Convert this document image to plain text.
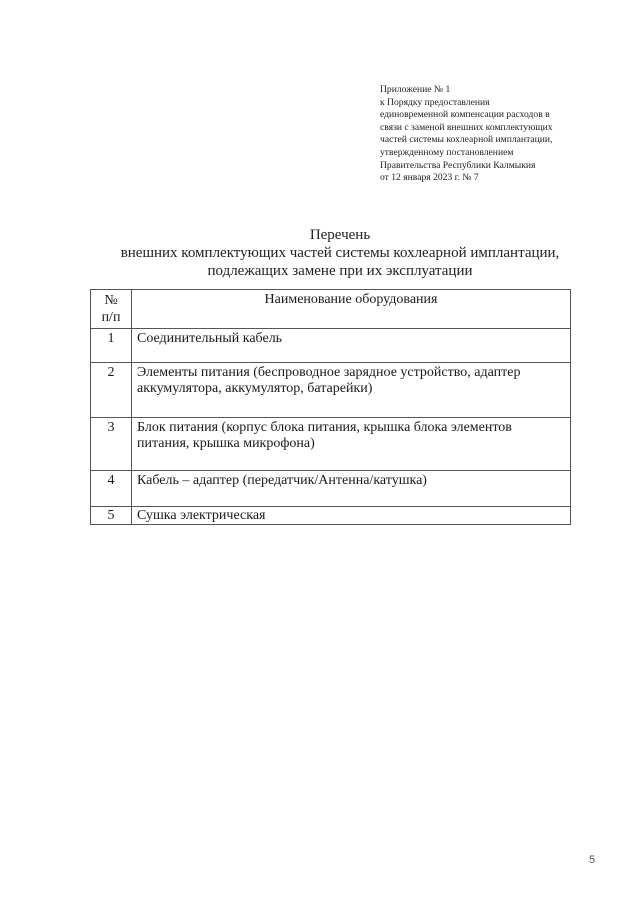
Приложение № 1
к Порядку предоставления
единовременной компенсации расходов в
связи с заменой внешних комплектующих
частей системы кохлеарной имплантации,
утвержденному постановлением
Правительства Республики Калмыкия
от 12 января 2023 г. № 7
Перечень
внешних комплектующих частей системы кохлеарной имплантации,
подлежащих замене при их эксплуатации
№
п/п	Наименование оборудования
1	Соединительный кабель
2	Элементы питания (беспроводное зарядное устройство, адаптер аккумулятора, аккумулятор, батарейки)
3	Блок питания (корпус блока питания, крышка блока элементов питания, крышка микрофона)
4	Кабель – адаптер (передатчик/Антенна/катушка)
5	Сушка электрическая
5
